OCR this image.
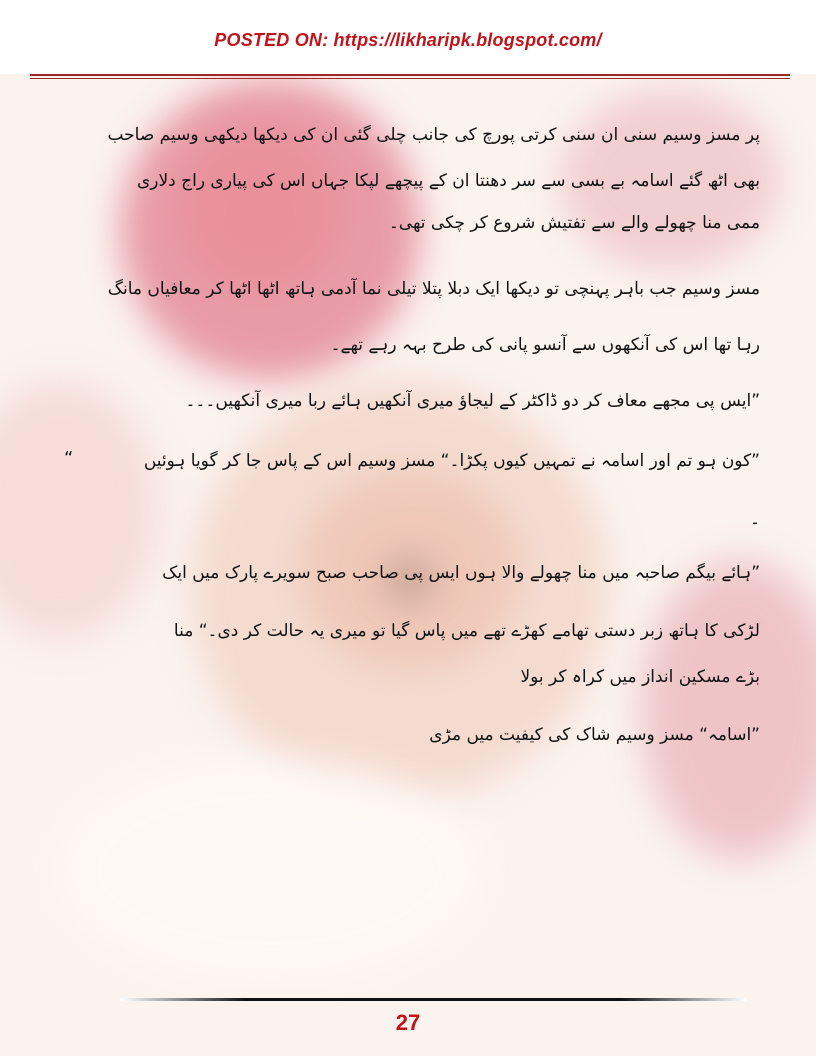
POSTED ON: https://likharipk.blogspot.com/
پر مسز وسیم سنی ان سنی کرتی پورچ کی جانب چلی گئی ان کی دیکھا دیکھی وسیم صاحب
بھی اٹھ گئے اسامہ بے بسی سے سر دھنتا ان کے پیچھے لپکا جہاں اس کی پیاری راج دلاری
ممی منا چھولے والے سے تفتیش شروع کر چکی تھی۔
مسز وسیم جب باہر پہنچی تو دیکھا ایک دبلا پتلا تیلی نما آدمی ہاتھ اٹھا اٹھا کر معافیاں مانگ
رہا تھا اس کی آنکھوں سے آنسو پانی کی طرح بہہ رہے تھے۔
”ایس پی مجھے معاف کر دو ڈاکٹر کے لیجاؤ میری آنکھیں ہائے ربا میری آنکھیں۔۔۔
”کون ہو تم اور اسامہ نے تمہیں کیوں پکڑا۔“ مسز وسیم اس کے پاس جا کر گویا ہوئیں
۔
”ہائے بیگم صاحبہ میں منا چھولے والا ہوں ایس پی صاحب صبح سویرے پارک میں ایک
لڑکی کا ہاتھ زبر دستی تھامے کھڑے تھے میں پاس گیا تو میری یہ حالت کر دی۔“ منا
بڑے مسکین انداز میں کراہ کر بولا
”اسامہ“ مسز وسیم شاک کی کیفیت میں مڑی
“
27
